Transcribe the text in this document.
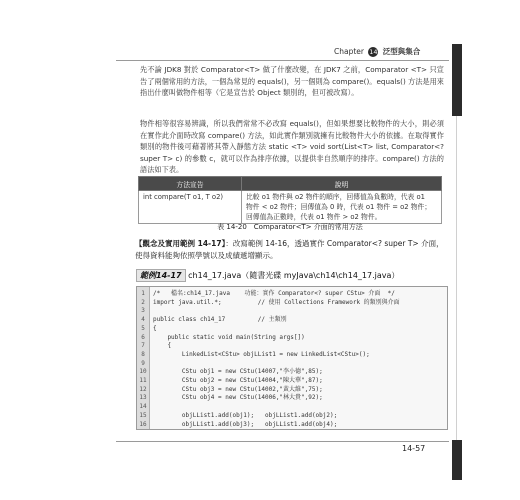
Chapter 14 泛型與集合
先不論 JDK8 對於 Comparator<T> 做了什麼改變，在 JDK7 之前，Comparator <T> 只宣告了兩個常用的方法，一個為常見的 equals()，另一個則為 compare()。equals() 方法是用來指出什麼叫做物件相等（它是宣告於 Object 類別的，但可被改寫）。
物件相等很容易辨識，所以我們常常不必改寫 equals()，但如果想要比較物件的大小，則必須在實作此介面時改寫 compare() 方法，如此實作類別就擁有比較物件大小的依據。在取得實作類別的物件後可藉著將其帶入靜態方法 static <T> void sort(List<T> list, Comparator<? super T> c) 的參數 c，就可以作為排序依據，以提供非自然順序的排序。compare() 方法的語法如下表。
方法宣告	說明
int compare(T o1, T o2)	比較 o1 物件與 o2 物件的順序，回傳值為負數時，代表 o1
物件 < o2 物件；回傳值為 0 時，代表 o1 物件 = o2 物件；
回傳值為正數時，代表 o1 物件 > o2 物件。
表 14-20　Comparator<T> 介面的常用方法
【觀念及實用範例 14-17】：改寫範例 14-16，透過實作 Comparator<? super T> 介面，使得資料能夠依照學號以及成績遞增顯示。
範例14-17 ch14_17.java（隨書光碟 myJava\ch14\ch14_17.java）
1	/*   檔名:ch14_17.java    功能：實作 Comparator<? super CStu> 介面  */
2	import java.util.*;          // 使用 Collections Framework 的類別與介面
3
4	public class ch14_17         // 主類別
5	{
6	public static void main(String args[])
7	{
8	LinkedList<CStu> objLList1 = new LinkedList<CStu>();
9
10	CStu obj1 = new CStu(14007,"李小德",85);
11	CStu obj2 = new CStu(14004,"陳大華",87);
12	CStu obj3 = new CStu(14002,"黃大維",75);
13	CStu obj4 = new CStu(14006,"林大貴",92);
14
15	objLList1.add(obj1);   objLList1.add(obj2);
16	objLList1.add(obj3);   objLList1.add(obj4);
14-57
